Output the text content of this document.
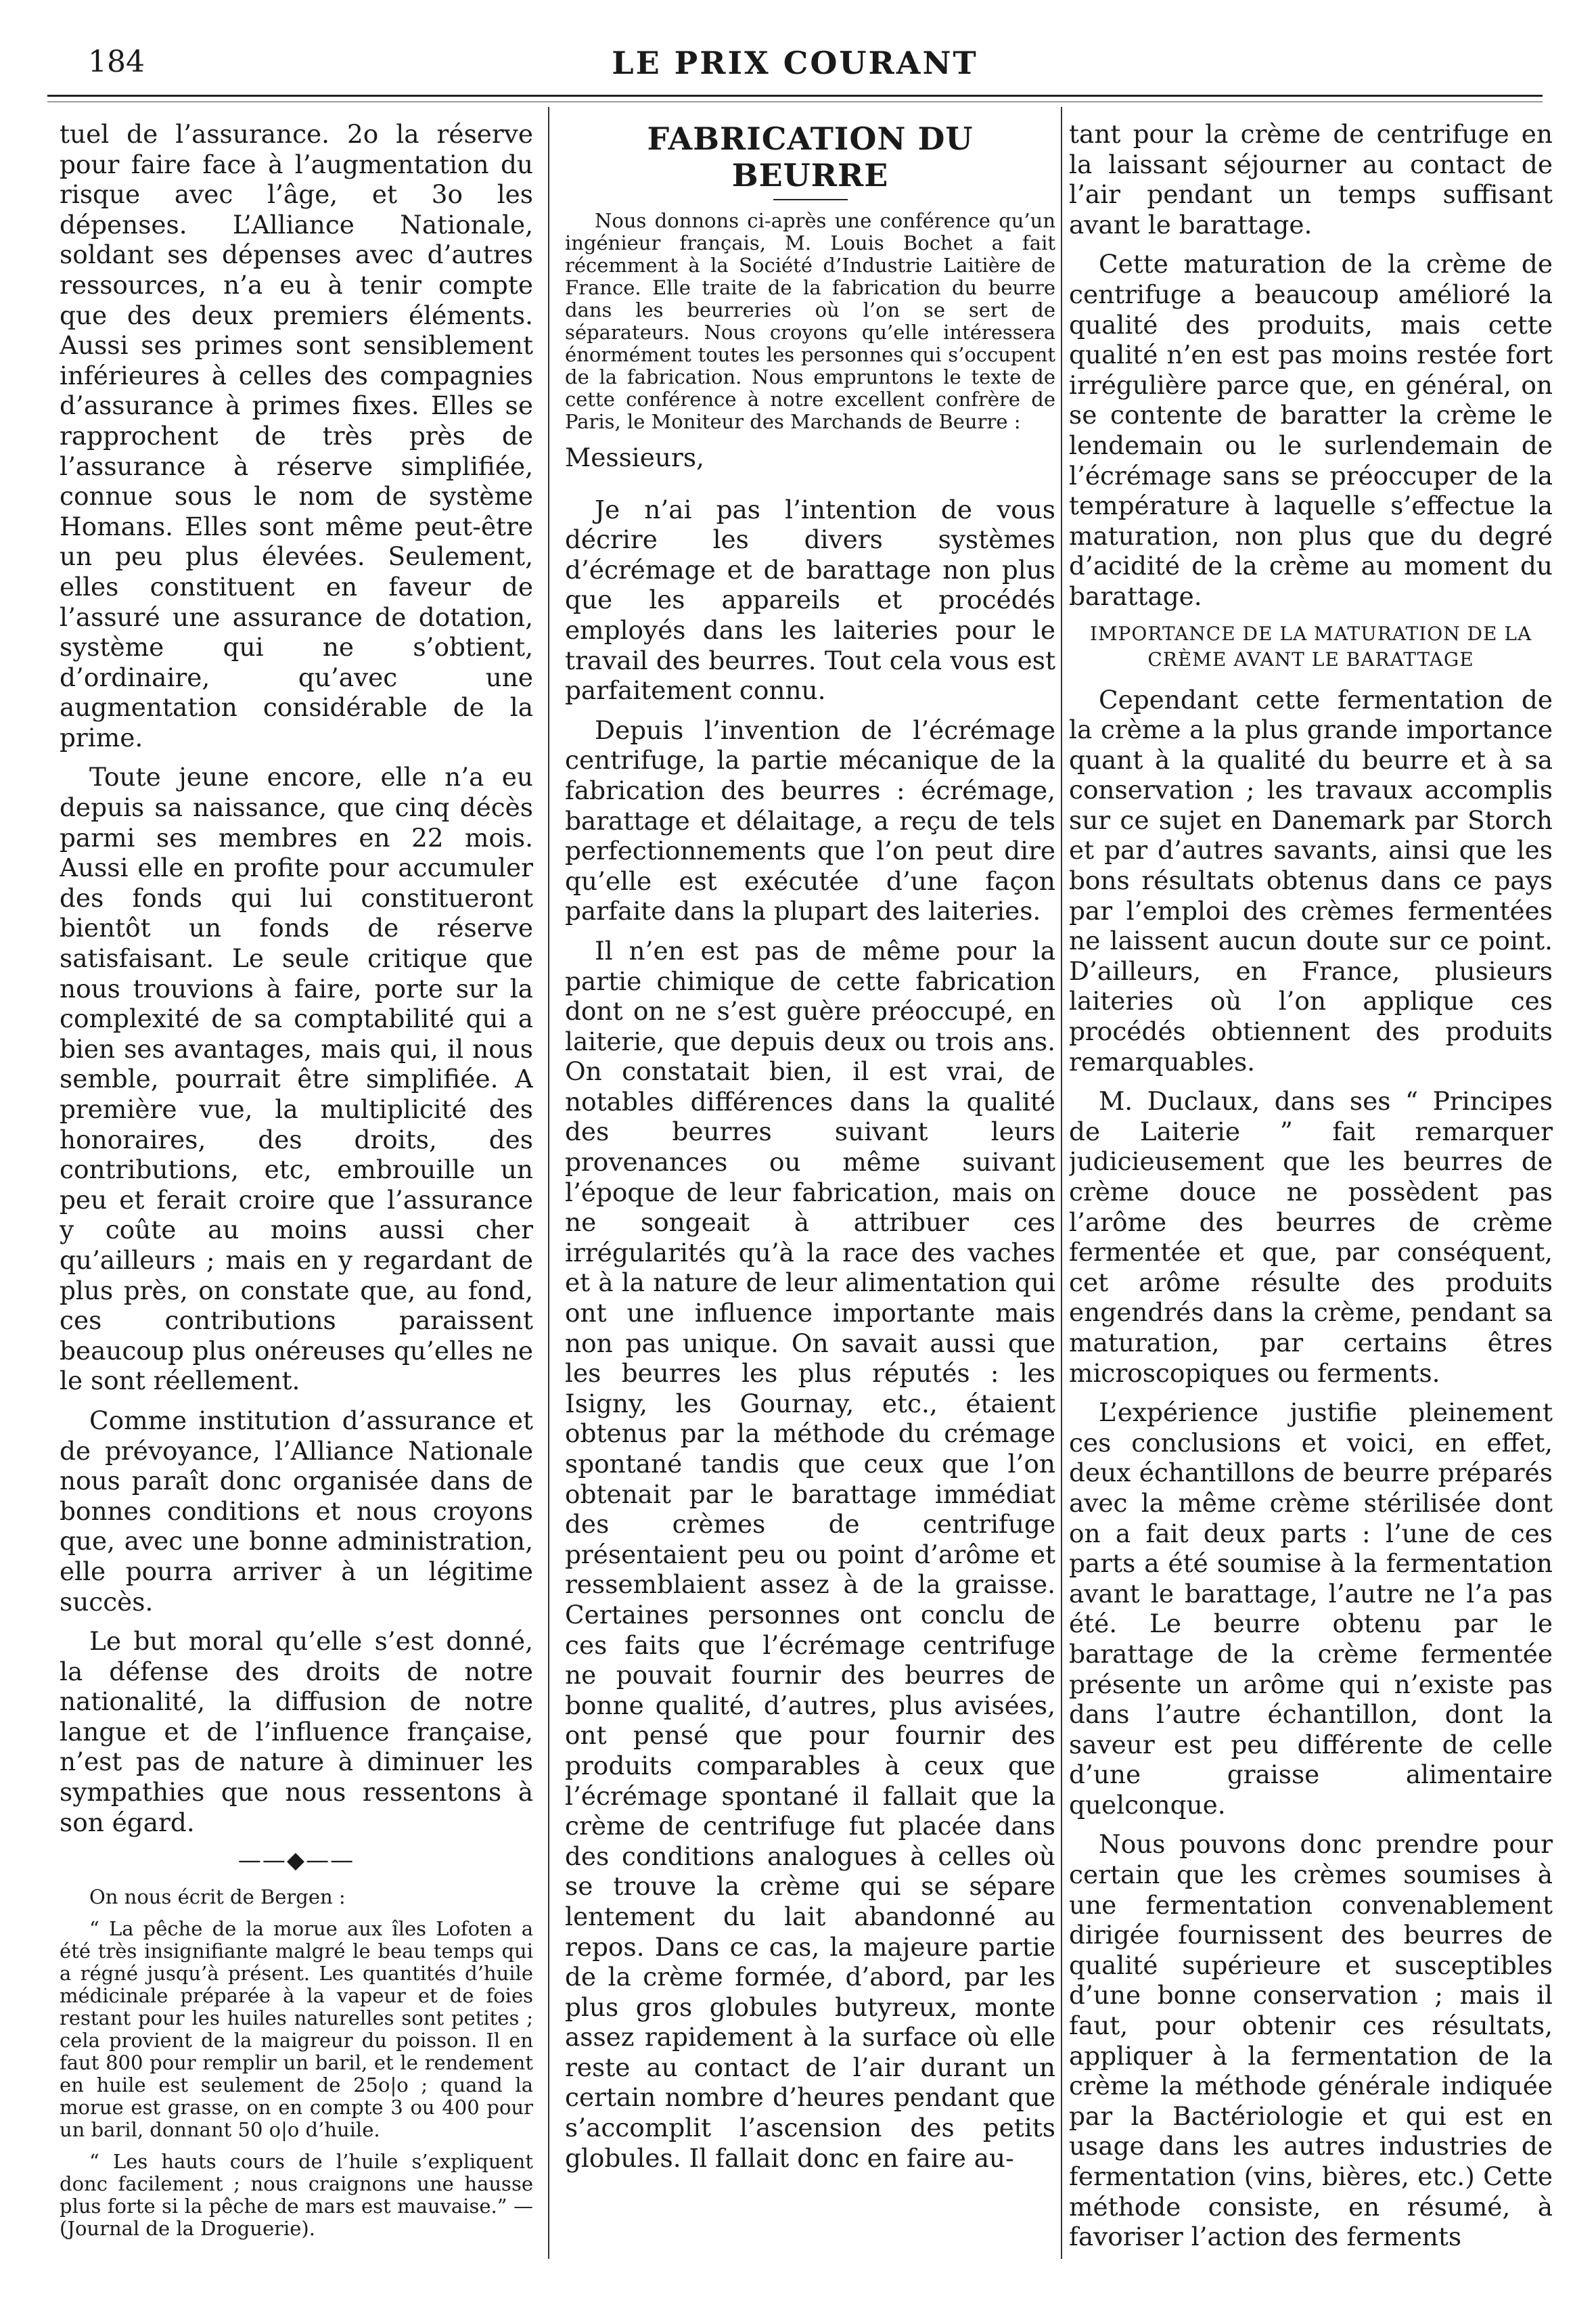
184	LE PRIX COURANT

tuel de l’assurance. 2o la réserve pour faire face à l’augmentation du risque avec l’âge, et 3o les dépenses. L’Alliance Nationale, soldant ses dépenses avec d’autres ressources, n’a eu à tenir compte que des deux premiers éléments. Aussi ses primes sont sensiblement inférieures à celles des compagnies d’assurance à primes fixes. Elles se rapprochent de très près de l’assurance à réserve simplifiée, connue sous le nom de système Homans. Elles sont même peut-être un peu plus élevées. Seulement, elles constituent en faveur de l’assuré une assurance de dotation, système qui ne s’obtient, d’ordinaire, qu’avec une augmentation considérable de la prime.

Toute jeune encore, elle n’a eu depuis sa naissance, que cinq décès parmi ses membres en 22 mois. Aussi elle en profite pour accumuler des fonds qui lui constitueront bientôt un fonds de réserve satisfaisant. Le seule critique que nous trouvions à faire, porte sur la complexité de sa comptabilité qui a bien ses avantages, mais qui, il nous semble, pourrait être simplifiée. A première vue, la multiplicité des honoraires, des droits, des contributions, etc, embrouille un peu et ferait croire que l’assurance y coûte au moins aussi cher qu’ailleurs ; mais en y regardant de plus près, on constate que, au fond, ces contributions paraissent beaucoup plus onéreuses qu’elles ne le sont réellement.

Comme institution d’assurance et de prévoyance, l’Alliance Nationale nous paraît donc organisée dans de bonnes conditions et nous croyons que, avec une bonne administration, elle pourra arriver à un légitime succès.

Le but moral qu’elle s’est donné, la défense des droits de notre nationalité, la diffusion de notre langue et de l’influence française, n’est pas de nature à diminuer les sympathies que nous ressentons à son égard.

——◆——

On nous écrit de Bergen :

“ La pêche de la morue aux îles Lofoten a été très insignifiante malgré le beau temps qui a régné jusqu’à présent. Les quantités d’huile médicinale préparée à la vapeur et de foies restant pour les huiles naturelles sont petites ; cela provient de la maigreur du poisson. Il en faut 800 pour remplir un baril, et le rendement en huile est seulement de 25o|o ; quand la morue est grasse, on en compte 3 ou 400 pour un baril, donnant 50 o|o d’huile.

“ Les hauts cours de l’huile s’expliquent donc facilement ; nous craignons une hausse plus forte si la pêche de mars est mauvaise.” — (Journal de la Droguerie).

FABRICATION DU BEURRE

Nous donnons ci-après une conférence qu’un ingénieur français, M. Louis Bochet a fait récemment à la Société d’Industrie Laitière de France. Elle traite de la fabrication du beurre dans les beurreries où l’on se sert de séparateurs. Nous croyons qu’elle intéressera énormément toutes les personnes qui s’occupent de la fabrication. Nous empruntons le texte de cette conférence à notre excellent confrère de Paris, le Moniteur des Marchands de Beurre :

Messieurs,

Je n’ai pas l’intention de vous décrire les divers systèmes d’écrémage et de barattage non plus que les appareils et procédés employés dans les laiteries pour le travail des beurres. Tout cela vous est parfaitement connu.

Depuis l’invention de l’écrémage centrifuge, la partie mécanique de la fabrication des beurres : écrémage, barattage et délaitage, a reçu de tels perfectionnements que l’on peut dire qu’elle est exécutée d’une façon parfaite dans la plupart des laiteries.

Il n’en est pas de même pour la partie chimique de cette fabrication dont on ne s’est guère préoccupé, en laiterie, que depuis deux ou trois ans. On constatait bien, il est vrai, de notables différences dans la qualité des beurres suivant leurs provenances ou même suivant l’époque de leur fabrication, mais on ne songeait à attribuer ces irrégularités qu’à la race des vaches et à la nature de leur alimentation qui ont une influence importante mais non pas unique. On savait aussi que les beurres les plus réputés : les Isigny, les Gournay, etc., étaient obtenus par la méthode du crémage spontané tandis que ceux que l’on obtenait par le barattage immédiat des crèmes de centrifuge présentaient peu ou point d’arôme et ressemblaient assez à de la graisse. Certaines personnes ont conclu de ces faits que l’écrémage centrifuge ne pouvait fournir des beurres de bonne qualité, d’autres, plus avisées, ont pensé que pour fournir des produits comparables à ceux que l’écrémage spontané il fallait que la crème de centrifuge fut placée dans des conditions analogues à celles où se trouve la crème qui se sépare lentement du lait abandonné au repos. Dans ce cas, la majeure partie de la crème formée, d’abord, par les plus gros globules butyreux, monte assez rapidement à la surface où elle reste au contact de l’air durant un certain nombre d’heures pendant que s’accomplit l’ascension des petits globules. Il fallait donc en faire au-

tant pour la crème de centrifuge en la laissant séjourner au contact de l’air pendant un temps suffisant avant le barattage.

Cette maturation de la crème de centrifuge a beaucoup amélioré la qualité des produits, mais cette qualité n’en est pas moins restée fort irrégulière parce que, en général, on se contente de baratter la crème le lendemain ou le surlendemain de l’écrémage sans se préoccuper de la température à laquelle s’effectue la maturation, non plus que du degré d’acidité de la crème au moment du barattage.

IMPORTANCE DE LA MATURATION DE LA CRÈME AVANT LE BARATTAGE

Cependant cette fermentation de la crème a la plus grande importance quant à la qualité du beurre et à sa conservation ; les travaux accomplis sur ce sujet en Danemark par Storch et par d’autres savants, ainsi que les bons résultats obtenus dans ce pays par l’emploi des crèmes fermentées ne laissent aucun doute sur ce point. D’ailleurs, en France, plusieurs laiteries où l’on applique ces procédés obtiennent des produits remarquables.

M. Duclaux, dans ses “ Principes de Laiterie ” fait remarquer judicieusement que les beurres de crème douce ne possèdent pas l’arôme des beurres de crème fermentée et que, par conséquent, cet arôme résulte des produits engendrés dans la crème, pendant sa maturation, par certains êtres microscopiques ou ferments.

L’expérience justifie pleinement ces conclusions et voici, en effet, deux échantillons de beurre préparés avec la même crème stérilisée dont on a fait deux parts : l’une de ces parts a été soumise à la fermentation avant le barattage, l’autre ne l’a pas été. Le beurre obtenu par le barattage de la crème fermentée présente un arôme qui n’existe pas dans l’autre échantillon, dont la saveur est peu différente de celle d’une graisse alimentaire quelconque.

Nous pouvons donc prendre pour certain que les crèmes soumises à une fermentation convenablement dirigée fournissent des beurres de qualité supérieure et susceptibles d’une bonne conservation ; mais il faut, pour obtenir ces résultats, appliquer à la fermentation de la crème la méthode générale indiquée par la Bactériologie et qui est en usage dans les autres industries de fermentation (vins, bières, etc.) Cette méthode consiste, en résumé, à favoriser l’action des ferments
